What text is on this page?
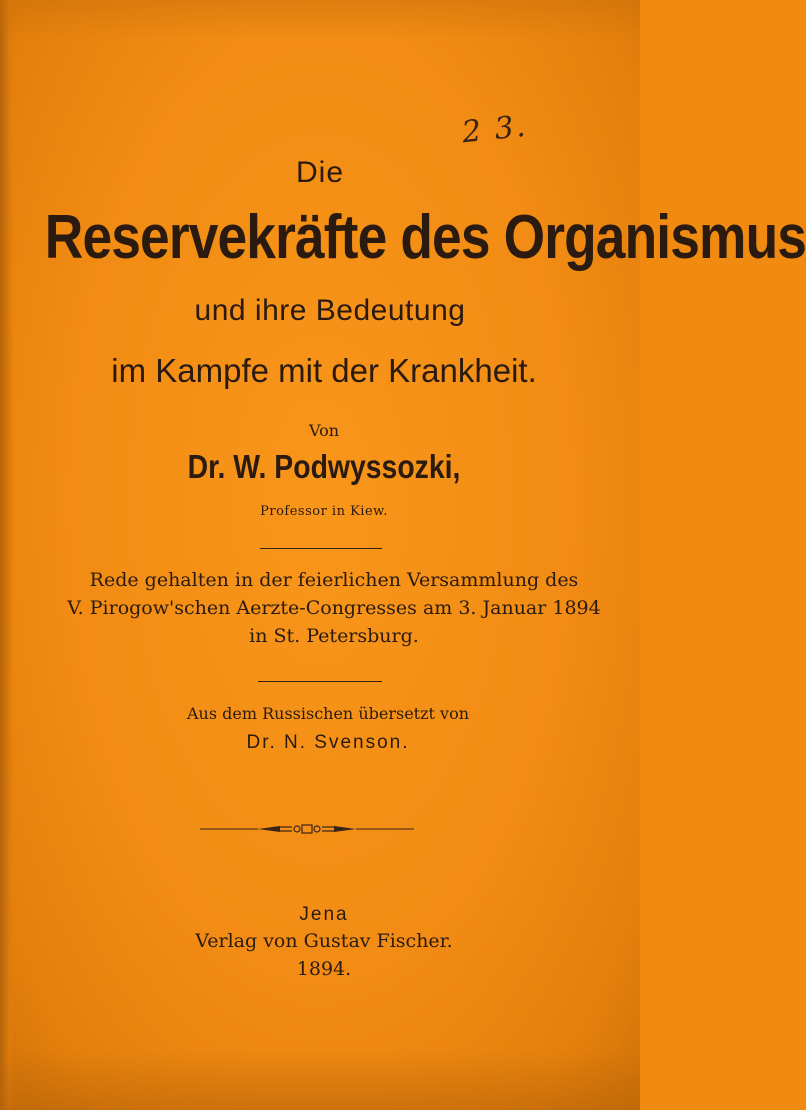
2 3.
Die
Reservekräfte des Organismus
und ihre Bedeutung
im Kampfe mit der Krankheit.
Von
Dr. W. Podwyssozki,
Professor in Kiew.
Rede gehalten in der feierlichen Versammlung des
V. Pirogow'schen Aerzte-Congresses am 3. Januar 1894
in St. Petersburg.
Aus dem Russischen übersetzt von
Dr. N. Svenson.
Jena
Verlag von Gustav Fischer.
1894.
